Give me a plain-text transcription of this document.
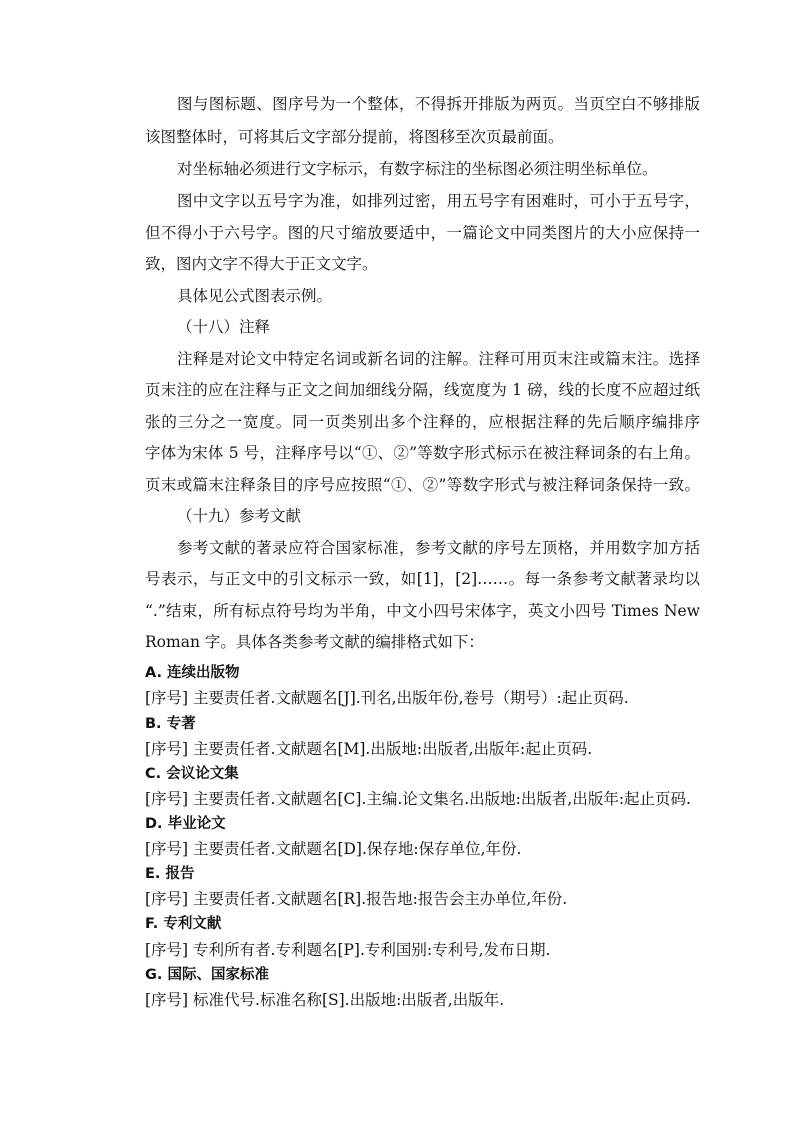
图与图标题、图序号为一个整体，不得拆开排版为两页。当页空白不够排版
该图整体时，可将其后文字部分提前，将图移至次页最前面。
对坐标轴必须进行文字标示，有数字标注的坐标图必须注明坐标单位。
图中文字以五号字为准，如排列过密，用五号字有困难时，可小于五号字，
但不得小于六号字。图的尺寸缩放要适中，一篇论文中同类图片的大小应保持一
致，图内文字不得大于正文文字。
具体见公式图表示例。
（十八）注释
注释是对论文中特定名词或新名词的注解。注释可用页末注或篇末注。选择
页末注的应在注释与正文之间加细线分隔，线宽度为 1 磅，线的长度不应超过纸
张的三分之一宽度。同一页类别出多个注释的，应根据注释的先后顺序编排序
字体为宋体 5 号，注释序号以“①、②”等数字形式标示在被注释词条的右上角。
页末或篇末注释条目的序号应按照“①、②”等数字形式与被注释词条保持一致。
（十九）参考文献
参考文献的著录应符合国家标准，参考文献的序号左顶格，并用数字加方括
号表示，与正文中的引文标示一致，如[1]，[2]……。每一条参考文献著录均以
“.”结束，所有标点符号均为半角，中文小四号宋体字，英文小四号 Times New
Roman 字。具体各类参考文献的编排格式如下：
A. 连续出版物
[序号] 主要责任者.文献题名[J].刊名,出版年份,卷号（期号）:起止页码.
B. 专著
[序号] 主要责任者.文献题名[M].出版地:出版者,出版年:起止页码.
C. 会议论文集
[序号] 主要责任者.文献题名[C].主编.论文集名.出版地:出版者,出版年:起止页码.
D. 毕业论文
[序号] 主要责任者.文献题名[D].保存地:保存单位,年份.
E. 报告
[序号] 主要责任者.文献题名[R].报告地:报告会主办单位,年份.
F. 专利文献
[序号] 专利所有者.专利题名[P].专利国别:专利号,发布日期.
G. 国际、国家标准
[序号] 标准代号.标准名称[S].出版地:出版者,出版年.
